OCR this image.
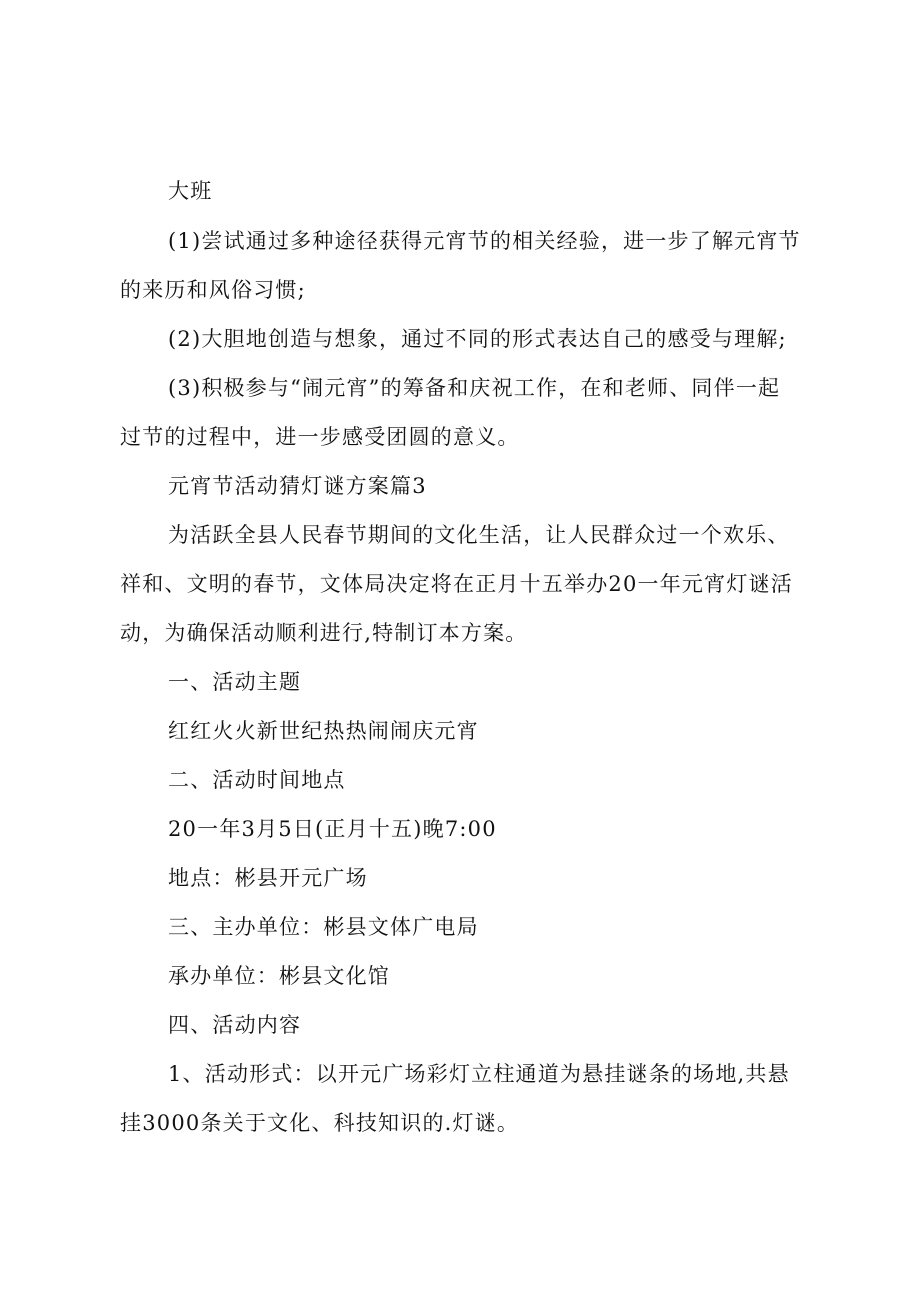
大班
(1)尝试通过多种途径获得元宵节的相关经验，进一步了解元宵节
的来历和风俗习惯;
(2)大胆地创造与想象，通过不同的形式表达自己的感受与理解;
(3)积极参与“闹元宵”的筹备和庆祝工作，在和老师、同伴一起
过节的过程中，进一步感受团圆的意义。
元宵节活动猜灯谜方案篇3
为活跃全县人民春节期间的文化生活，让人民群众过一个欢乐、
祥和、文明的春节，文体局决定将在正月十五举办20一年元宵灯谜活
动，为确保活动顺利进行,特制订本方案。
一、活动主题
红红火火新世纪热热闹闹庆元宵
二、活动时间地点
20一年3月5日(正月十五)晚7:00
地点：彬县开元广场
三、主办单位：彬县文体广电局
承办单位：彬县文化馆
四、活动内容
1、活动形式：以开元广场彩灯立柱通道为悬挂谜条的场地,共悬
挂3000条关于文化、科技知识的.灯谜。
